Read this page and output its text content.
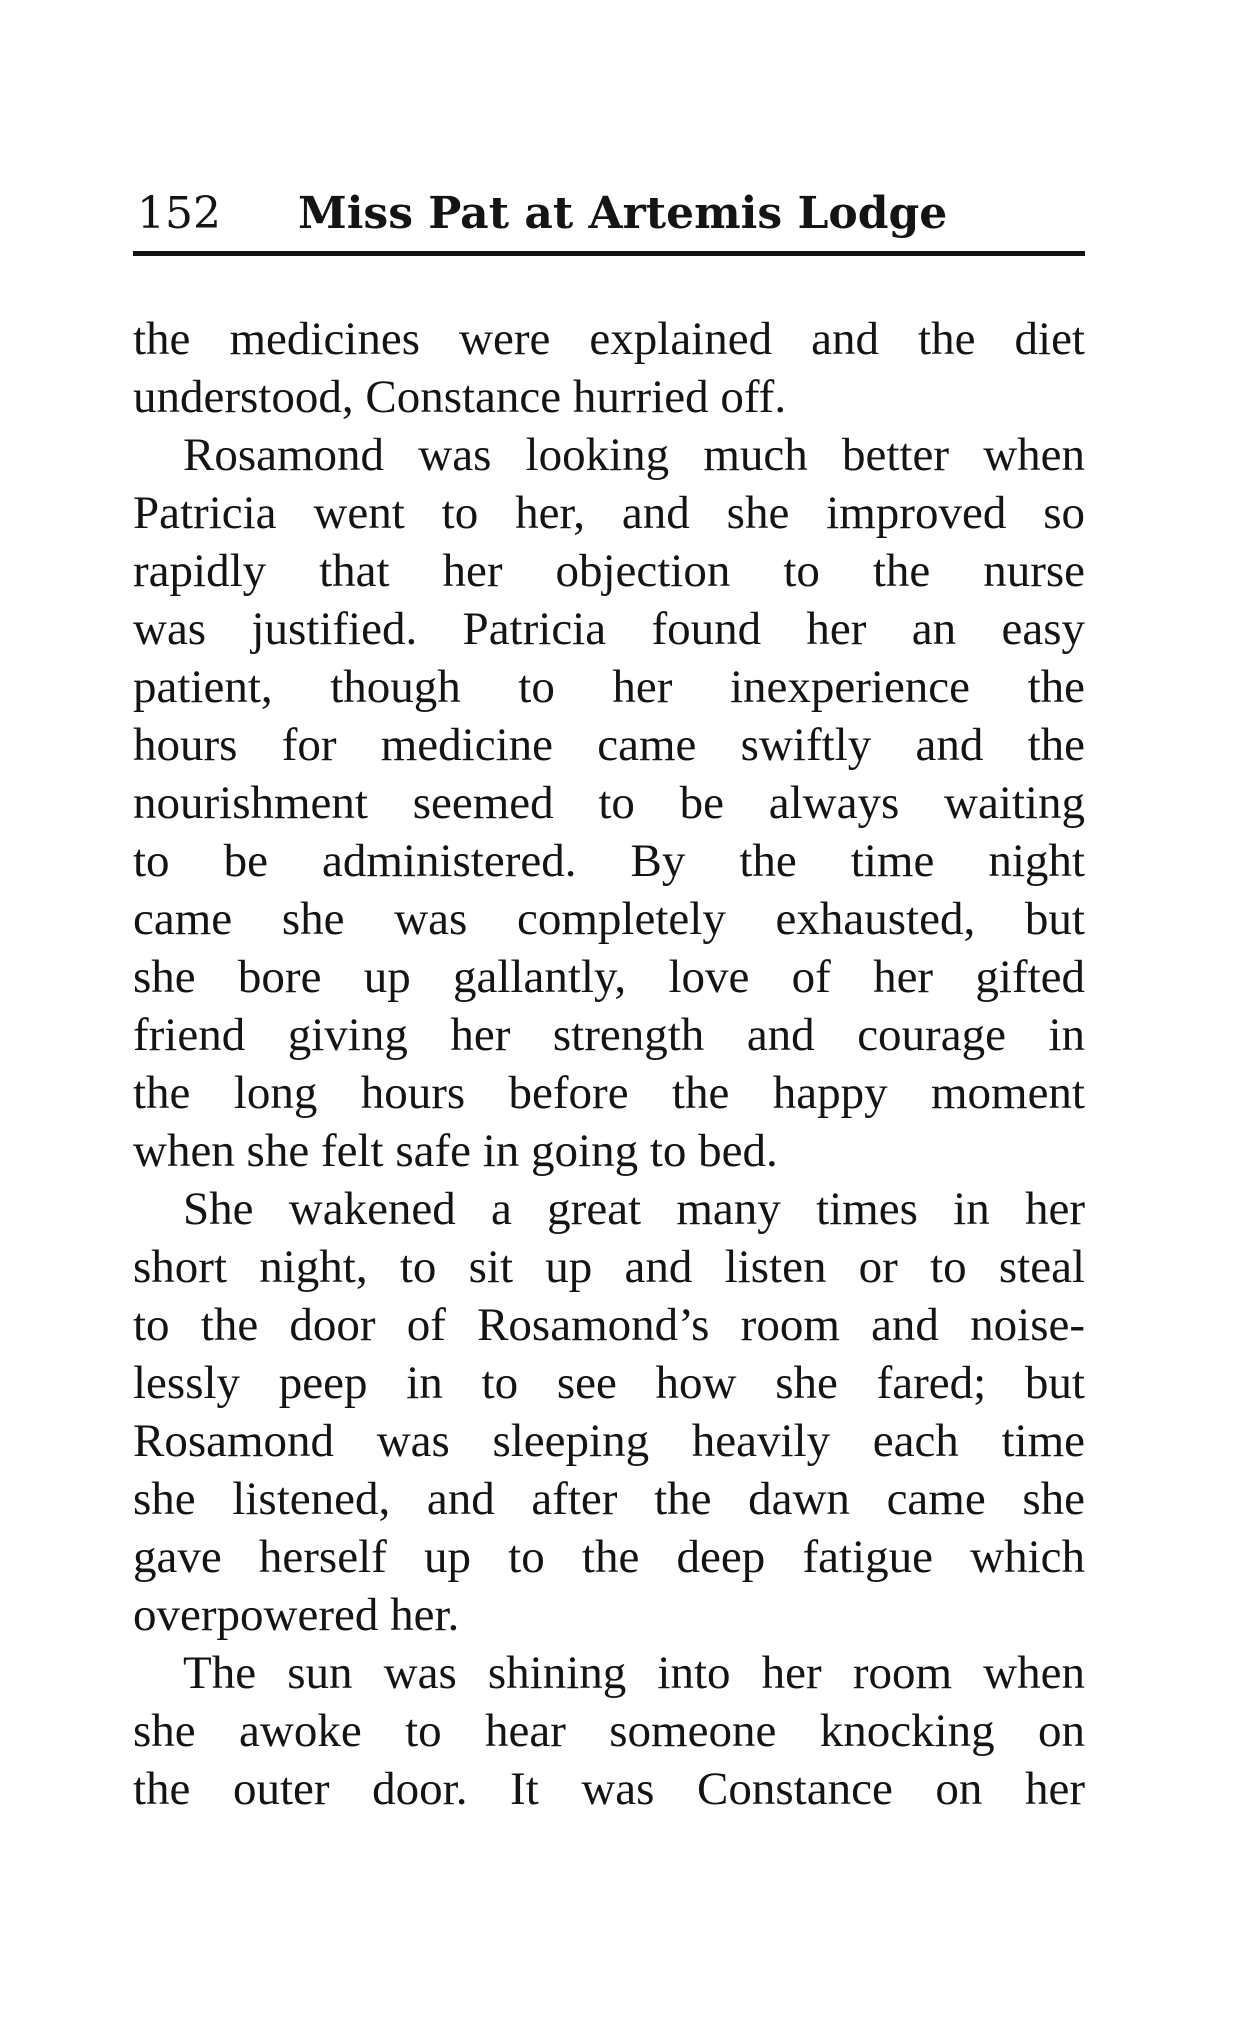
152 Miss Pat at Artemis Lodge
the medicines were explained and the diet
understood, Constance hurried off.
Rosamond was looking much better when
Patricia went to her, and she improved so
rapidly that her objection to the nurse
was justified. Patricia found her an easy
patient, though to her inexperience the
hours for medicine came swiftly and the
nourishment seemed to be always waiting
to be administered. By the time night
came she was completely exhausted, but
she bore up gallantly, love of her gifted
friend giving her strength and courage in
the long hours before the happy moment
when she felt safe in going to bed.
She wakened a great many times in her
short night, to sit up and listen or to steal
to the door of Rosamond’s room and noise-
lessly peep in to see how she fared; but
Rosamond was sleeping heavily each time
she listened, and after the dawn came she
gave herself up to the deep fatigue which
overpowered her.
The sun was shining into her room when
she awoke to hear someone knocking on
the outer door. It was Constance on her
